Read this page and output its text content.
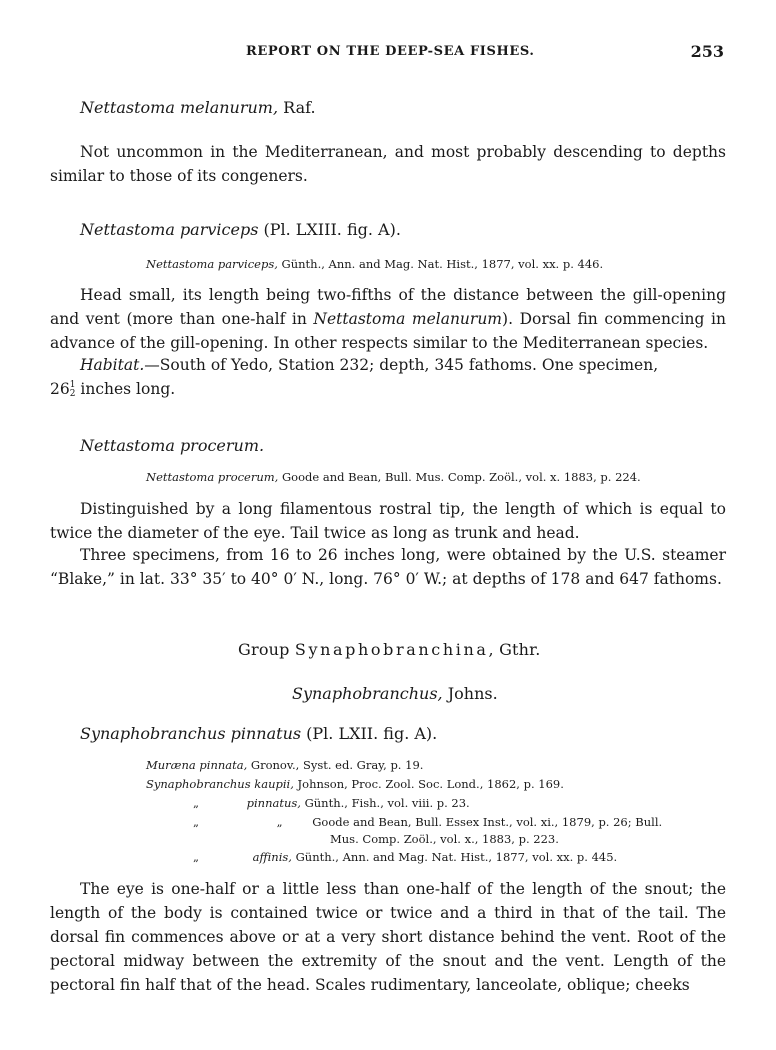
REPORT ON THE DEEP-SEA FISHES.	253
Nettastoma melanurum, Raf.
Not uncommon in the Mediterranean, and most probably descending to depths similar to those of its congeners.
Nettastoma parviceps (Pl. LXIII. fig. A).
Nettastoma parviceps, Günth., Ann. and Mag. Nat. Hist., 1877, vol. xx. p. 446.
Head small, its length being two-fifths of the distance between the gill-opening and vent (more than one-half in Nettastoma melanurum). Dorsal fin commencing in advance of the gill-opening. In other respects similar to the Mediterranean species.
Habitat.—South of Yedo, Station 232; depth, 345 fathoms. One specimen,
261
2 inches long.
Nettastoma procerum.
Nettastoma procerum, Goode and Bean, Bull. Mus. Comp. Zoöl., vol. x. 1883, p. 224.
Distinguished by a long filamentous rostral tip, the length of which is equal to twice the diameter of the eye. Tail twice as long as trunk and head.
Three specimens, from 16 to 26 inches long, were obtained by the U.S. steamer “Blake,” in lat. 33° 35′ to 40° 0′ N., long. 76° 0′ W.; at depths of 178 and 647 fathoms.
Group Synaphobranchina, Gthr.
Synaphobranchus, Johns.
Synaphobranchus pinnatus (Pl. LXII. fig. A).
Muræna pinnata, Gronov., Syst. ed. Gray, p. 19.
Synaphobranchus kaupii, Johnson, Proc. Zool. Soc. Lond., 1862, p. 169.
„	pinnatus, Günth., Fish., vol. viii. p. 23.
„	„	Goode and Bean, Bull. Essex Inst., vol. xi., 1879, p. 26; Bull.
Mus. Comp. Zoöl., vol. x., 1883, p. 223.
„	affinis, Günth., Ann. and Mag. Nat. Hist., 1877, vol. xx. p. 445.
The eye is one-half or a little less than one-half of the length of the snout; the length of the body is contained twice or twice and a third in that of the tail. The dorsal fin commences above or at a very short distance behind the vent. Root of the pectoral midway between the extremity of the snout and the vent. Length of the pectoral fin half that of the head. Scales rudimentary, lanceolate, oblique; cheeks
